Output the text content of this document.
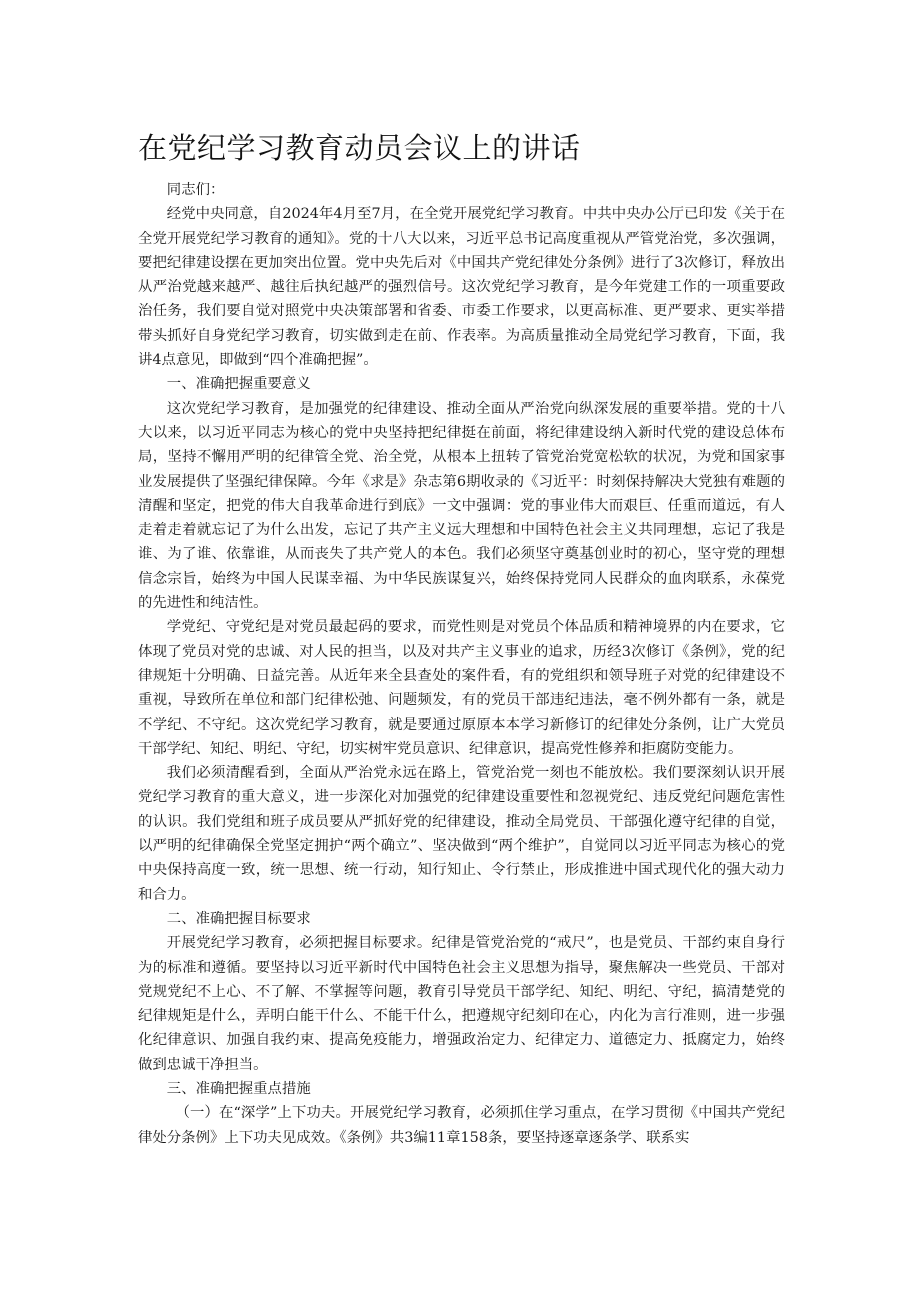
在党纪学习教育动员会议上的讲话

同志们：

经党中央同意，自2024年4月至7月，在全党开展党纪学习教育。中共中央办公厅已印发《关于在全党开展党纪学习教育的通知》。党的十八大以来，习近平总书记高度重视从严管党治党，多次强调，要把纪律建设摆在更加突出位置。党中央先后对《中国共产党纪律处分条例》进行了3次修订，释放出从严治党越来越严、越往后执纪越严的强烈信号。这次党纪学习教育，是今年党建工作的一项重要政治任务，我们要自觉对照党中央决策部署和省委、市委工作要求，以更高标准、更严要求、更实举措带头抓好自身党纪学习教育，切实做到走在前、作表率。为高质量推动全局党纪学习教育，下面，我讲4点意见，即做到“四个准确把握”。

一、准确把握重要意义

这次党纪学习教育，是加强党的纪律建设、推动全面从严治党向纵深发展的重要举措。党的十八大以来，以习近平同志为核心的党中央坚持把纪律挺在前面，将纪律建设纳入新时代党的建设总体布局，坚持不懈用严明的纪律管全党、治全党，从根本上扭转了管党治党宽松软的状况，为党和国家事业发展提供了坚强纪律保障。今年《求是》杂志第6期收录的《习近平：时刻保持解决大党独有难题的清醒和坚定，把党的伟大自我革命进行到底》一文中强调：党的事业伟大而艰巨、任重而道远，有人走着走着就忘记了为什么出发，忘记了共产主义远大理想和中国特色社会主义共同理想，忘记了我是谁、为了谁、依靠谁，从而丧失了共产党人的本色。我们必须坚守奠基创业时的初心，坚守党的理想信念宗旨，始终为中国人民谋幸福、为中华民族谋复兴，始终保持党同人民群众的血肉联系，永葆党的先进性和纯洁性。

学党纪、守党纪是对党员最起码的要求，而党性则是对党员个体品质和精神境界的内在要求，它体现了党员对党的忠诚、对人民的担当，以及对共产主义事业的追求，历经3次修订《条例》，党的纪律规矩十分明确、日益完善。从近年来全县查处的案件看，有的党组织和领导班子对党的纪律建设不重视，导致所在单位和部门纪律松弛、问题频发，有的党员干部违纪违法，毫不例外都有一条，就是不学纪、不守纪。这次党纪学习教育，就是要通过原原本本学习新修订的纪律处分条例，让广大党员干部学纪、知纪、明纪、守纪，切实树牢党员意识、纪律意识，提高党性修养和拒腐防变能力。

我们必须清醒看到，全面从严治党永远在路上，管党治党一刻也不能放松。我们要深刻认识开展党纪学习教育的重大意义，进一步深化对加强党的纪律建设重要性和忽视党纪、违反党纪问题危害性的认识。我们党组和班子成员要从严抓好党的纪律建设，推动全局党员、干部强化遵守纪律的自觉，以严明的纪律确保全党坚定拥护“两个确立”、坚决做到“两个维护”，自觉同以习近平同志为核心的党中央保持高度一致，统一思想、统一行动，知行知止、令行禁止，形成推进中国式现代化的强大动力和合力。

二、准确把握目标要求

开展党纪学习教育，必须把握目标要求。纪律是管党治党的“戒尺”，也是党员、干部约束自身行为的标准和遵循。要坚持以习近平新时代中国特色社会主义思想为指导，聚焦解决一些党员、干部对党规党纪不上心、不了解、不掌握等问题，教育引导党员干部学纪、知纪、明纪、守纪，搞清楚党的纪律规矩是什么，弄明白能干什么、不能干什么，把遵规守纪刻印在心，内化为言行准则，进一步强化纪律意识、加强自我约束、提高免疫能力，增强政治定力、纪律定力、道德定力、抵腐定力，始终做到忠诚干净担当。

三、准确把握重点措施

（一）在“深学”上下功夫。开展党纪学习教育，必须抓住学习重点，在学习贯彻《中国共产党纪律处分条例》上下功夫见成效。《条例》共3编11章158条，要坚持逐章逐条学、联系实
